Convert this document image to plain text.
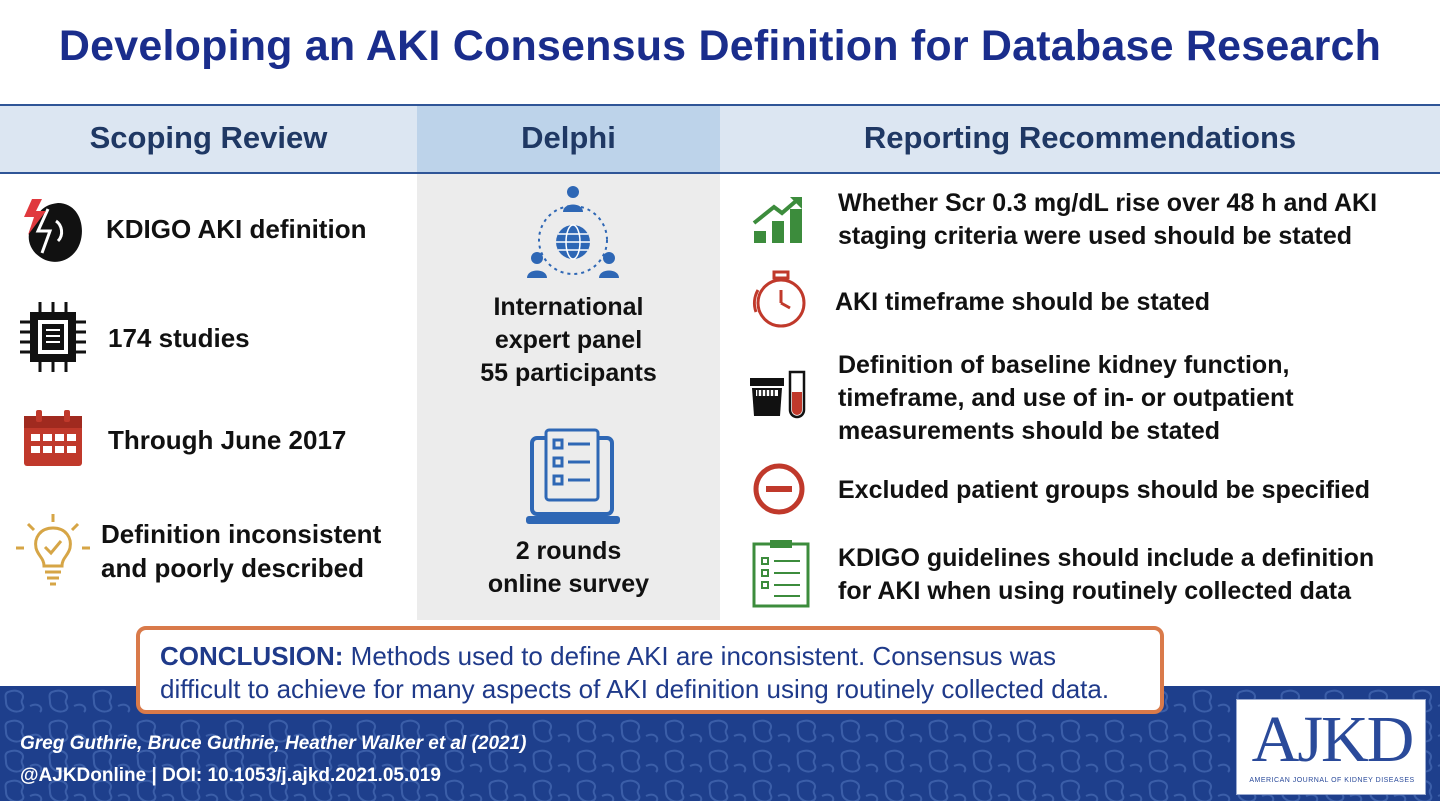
Developing an AKI Consensus Definition for Database Research
Scoping Review	Delphi	Reporting Recommendations
KDIGO AKI definition
174 studies
Through June 2017
Definition inconsistent
and poorly described
International
expert panel
55 participants
2 rounds
online survey
Whether Scr 0.3 mg/dL rise over 48 h and AKI
staging criteria were used should be stated
AKI timeframe should be stated
Definition of baseline kidney function,
timeframe, and use of in- or outpatient
measurements should be stated
Excluded patient groups should be specified
KDIGO guidelines should include a definition
for AKI when using routinely collected data
CONCLUSION: Methods used to define AKI are inconsistent. Consensus was
difficult to achieve for many aspects of AKI definition using routinely collected data.
Greg Guthrie, Bruce Guthrie, Heather Walker et al (2021)
@AJKDonline | DOI: 10.1053/j.ajkd.2021.05.019	AJKD
AMERICAN JOURNAL OF KIDNEY DISEASES
